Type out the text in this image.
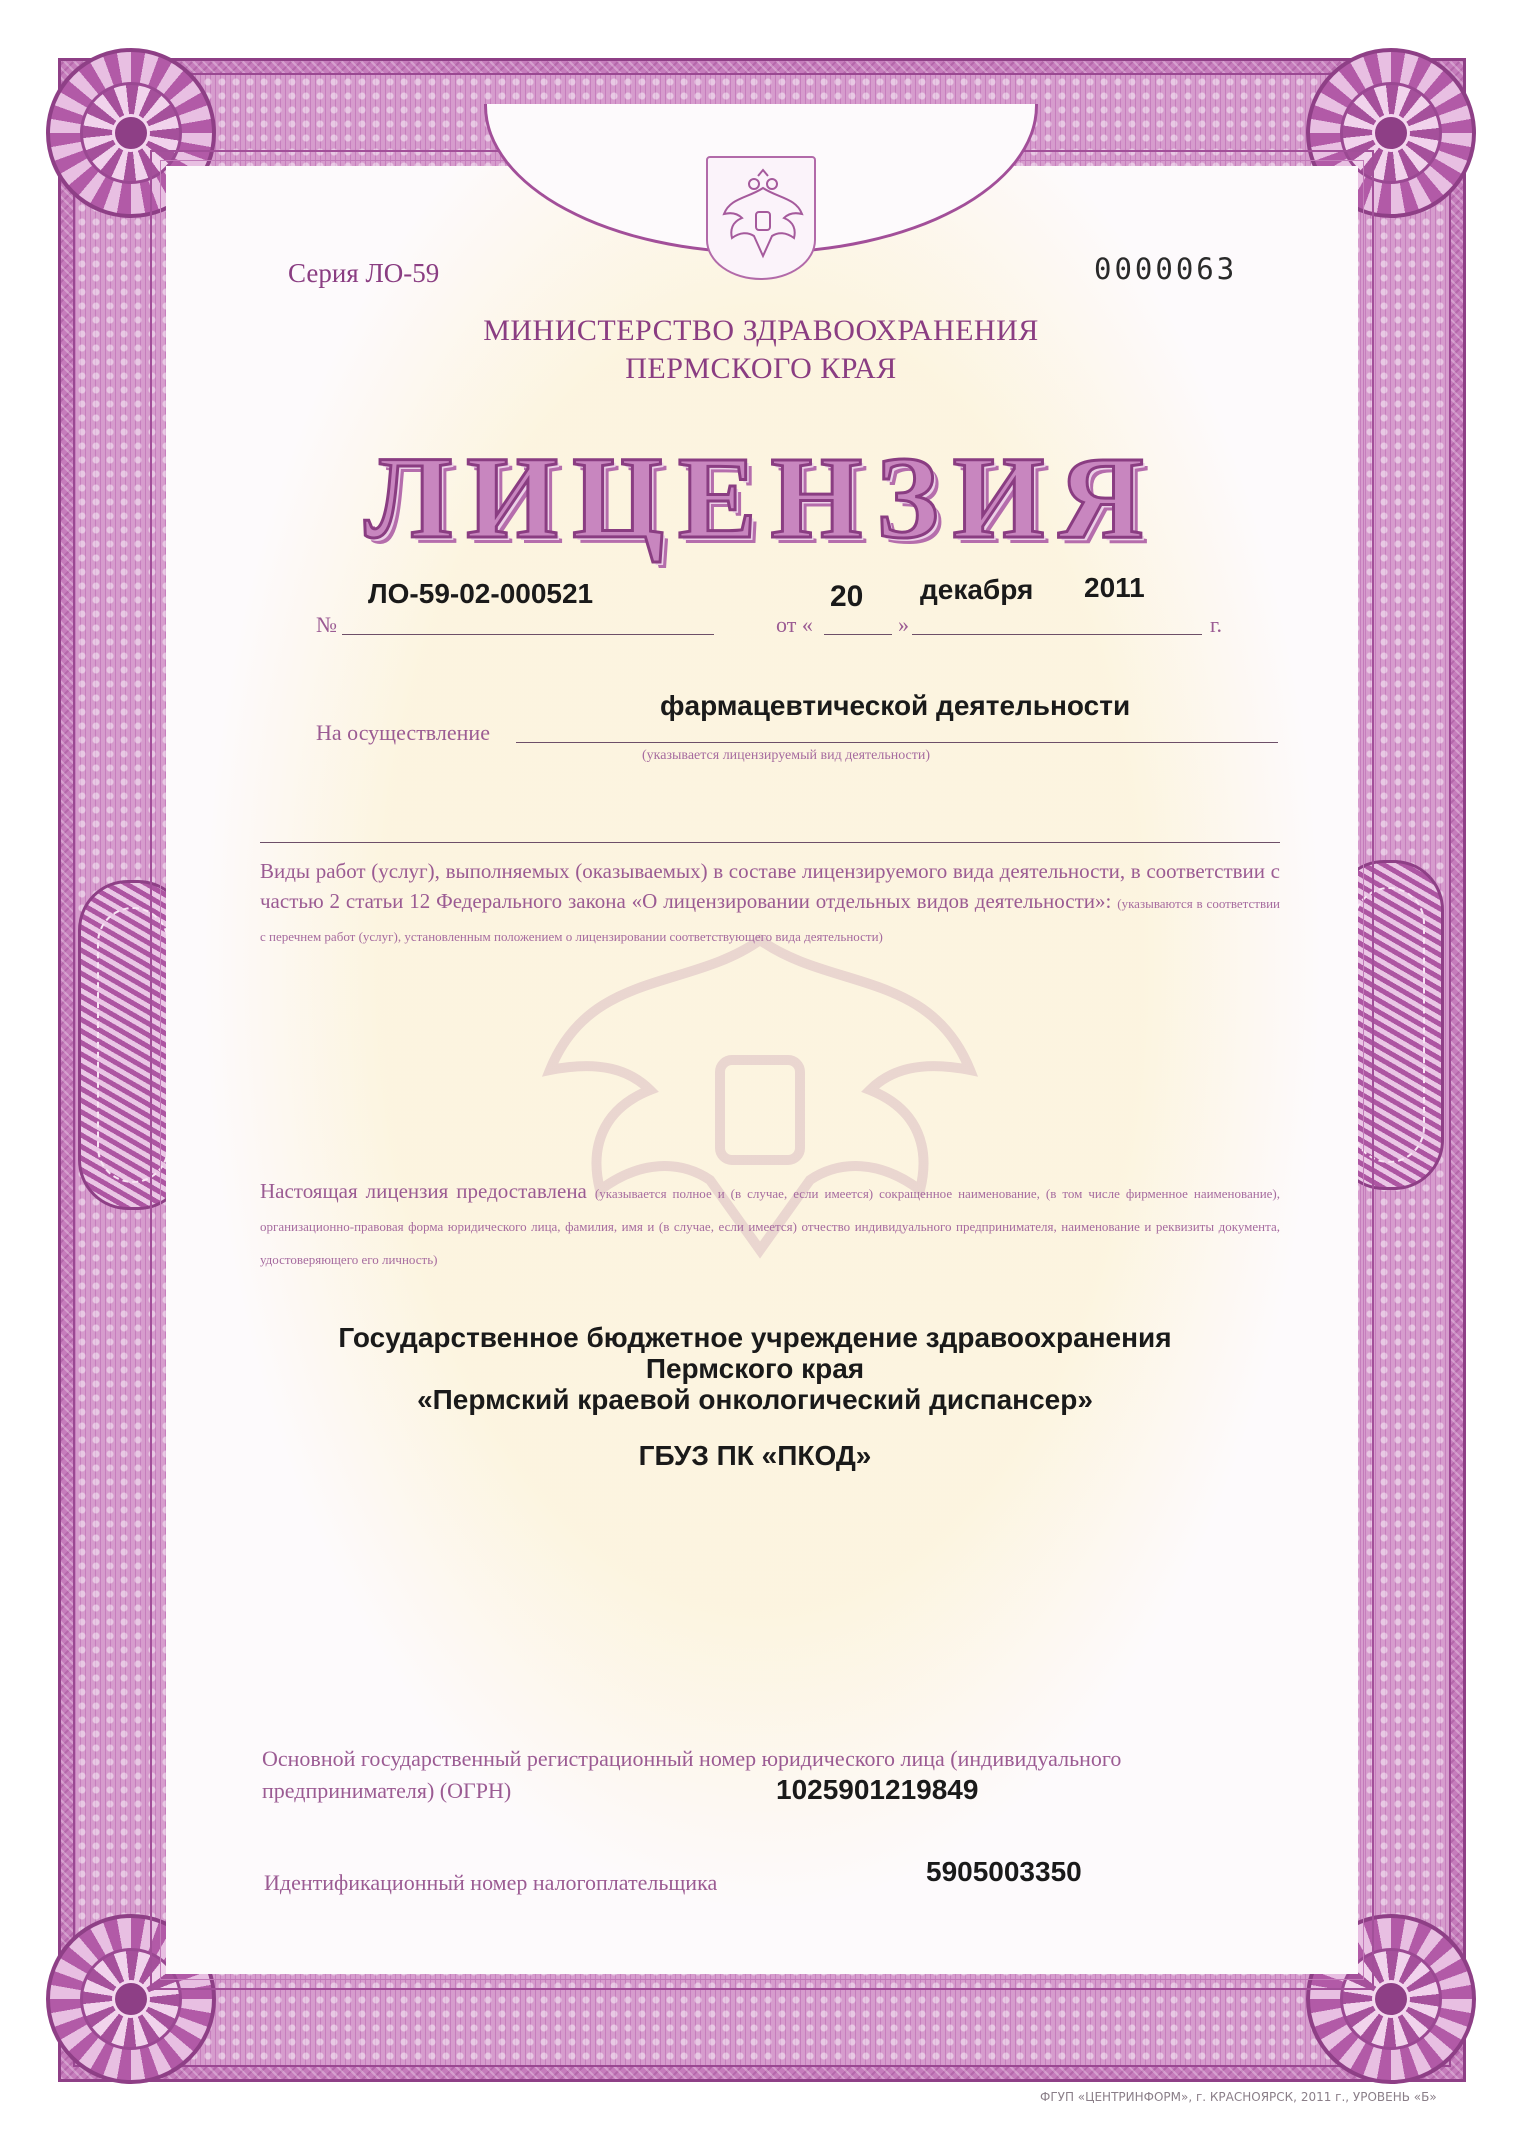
Серия ЛО-59	0000063
МИНИСТЕРСТВО ЗДРАВООХРАНЕНИЯ
ПЕРМСКОГО КРАЯ
ЛИЦЕНЗИЯ
№
ЛО-59-02-000521
от «
20
»
декабря 2011
г.
На осуществление
фармацевтической деятельности
(указывается лицензируемый вид деятельности)
Виды работ (услуг), выполняемых (оказываемых) в составе лицензируемого вида деятельности, в соответствии с частью 2 статьи 12 Федерального закона «О лицензировании отдельных видов деятельности»: (указываются в соответствии с перечнем работ (услуг), установленным положением о лицензировании соответствующего вида деятельности)
Настоящая лицензия предоставлена (указывается полное и (в случае, если имеется) сокращенное наименование, (в том числе фирменное наименование), организационно-правовая форма юридического лица, фамилия, имя и (в случае, если имеется) отчество индивидуального предпринимателя, наименование и реквизиты документа, удостоверяющего его личность)
Государственное бюджетное учреждение здравоохранения
Пермского края
«Пермский краевой онкологический диспансер»
ГБУЗ ПК «ПКОД»
Основной государственный регистрационный номер юридического лица (индивидуального
предпринимателя) (ОГРН)	1025901219849
Идентификационный номер налогоплательщика	5905003350
ФГУП «ЦЕНТРИНФОРМ», г. КРАСНОЯРСК, 2011 г., УРОВЕНЬ «Б»
